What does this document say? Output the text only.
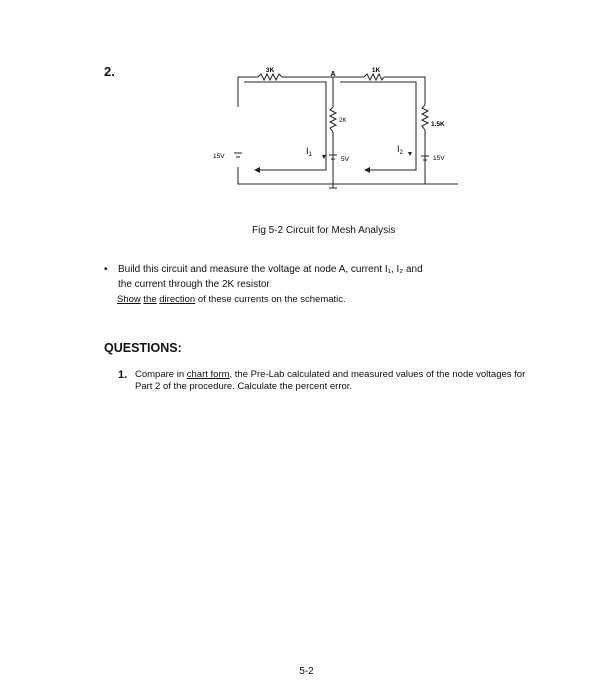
2.	3K	1K
A
2K	1.5K
15V	5V	15V
$I_1$
$I_2$
Fig 5-2 Circuit for Mesh Analysis
•	Build this circuit and measure the voltage at node A, current I₁, I₂ and
the current through the 2K resistor
Show the direction of these currents on the schematic.
QUESTIONS:
1. Compare in chart form, the Pre-Lab calculated and measured values of the node voltages for Part 2 of the procedure. Calculate the percent error.
5-2
